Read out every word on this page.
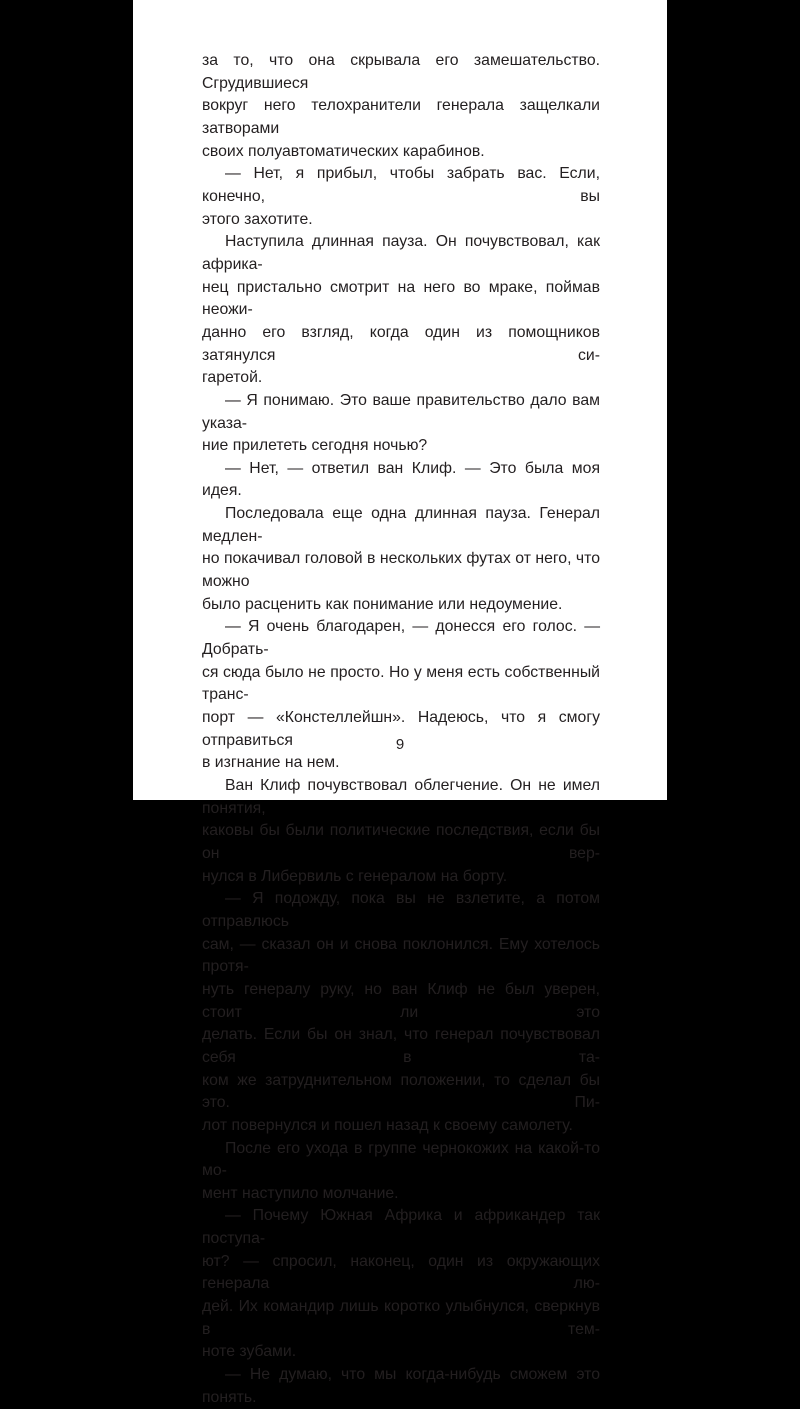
за то, что она скрывала его замешательство. Сгрудившиеся
вокруг него телохранители генерала защелкали затворами
своих полуавтоматических карабинов.
— Нет, я прибыл, чтобы забрать вас. Если, конечно, вы
этого захотите.
Наступила длинная пауза. Он почувствовал, как африка-
нец пристально смотрит на него во мраке, поймав неожи-
данно его взгляд, когда один из помощников затянулся си-
гаретой.
— Я понимаю. Это ваше правительство дало вам указа-
ние прилететь сегодня ночью?
— Нет, — ответил ван Клиф. — Это была моя идея.
Последовала еще одна длинная пауза. Генерал медлен-
но покачивал головой в нескольких футах от него, что можно
было расценить как понимание или недоумение.
— Я очень благодарен, — донесся его голос. — Добрать-
ся сюда было не просто. Но у меня есть собственный транс-
порт — «Констеллейшн». Надеюсь, что я смогу отправиться
в изгнание на нем.
Ван Клиф почувствовал облегчение. Он не имел понятия,
каковы бы были политические последствия, если бы он вер-
нулся в Либервиль с генералом на борту.
— Я подожду, пока вы не взлетите, а потом отправлюсь
сам, — сказал он и снова поклонился. Ему хотелось протя-
нуть генералу руку, но ван Клиф не был уверен, стоит ли это
делать. Если бы он знал, что генерал почувствовал себя в та-
ком же затруднительном положении, то сделал бы это. Пи-
лот повернулся и пошел назад к своему самолету.
После его ухода в группе чернокожих на какой-то мо-
мент наступило молчание.
— Почему Южная Африка и африкандер так поступа-
ют? — спросил, наконец, один из окружающих генерала лю-
дей. Их командир лишь коротко улыбнулся, сверкнув в тем-
ноте зубами.
— Не думаю, что мы когда-нибудь сможем это понять.
9
